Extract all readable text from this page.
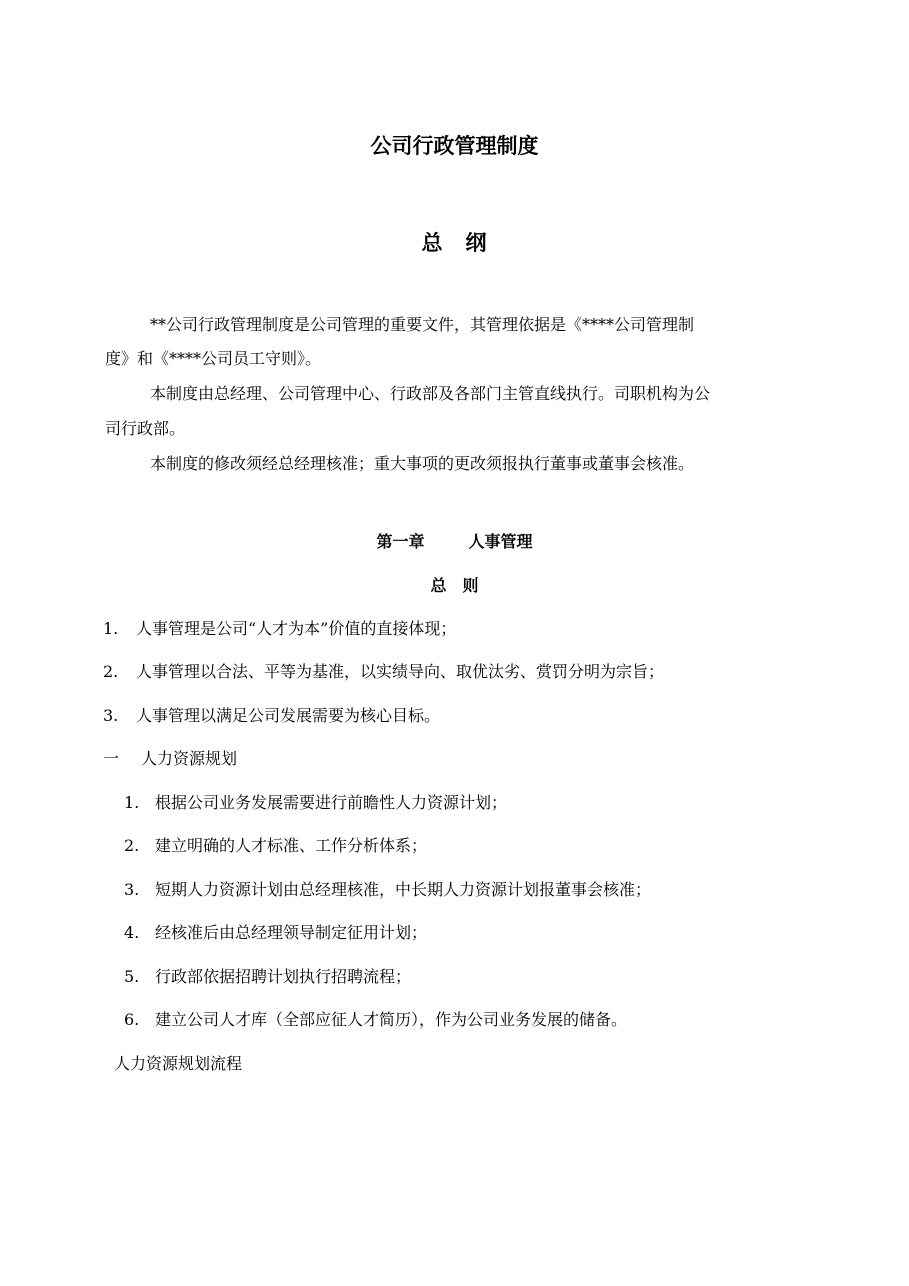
公司行政管理制度
总　纲
**公司行政管理制度是公司管理的重要文件，其管理依据是《****公司管理制
度》和《****公司员工守则》。
本制度由总经理、公司管理中心、行政部及各部门主管直线执行。司职机构为公
司行政部。
本制度的修改须经总经理核准；重大事项的更改须报执行董事或董事会核准。
第一章	人事管理
总　则
1. 人事管理是公司“人才为本”价值的直接体现；
2. 人事管理以合法、平等为基准，以实绩导向、取优汰劣、赏罚分明为宗旨；
3. 人事管理以满足公司发展需要为核心目标。
一 人力资源规划
1. 根据公司业务发展需要进行前瞻性人力资源计划；
2. 建立明确的人才标准、工作分析体系；
3. 短期人力资源计划由总经理核准，中长期人力资源计划报董事会核准；
4. 经核准后由总经理领导制定征用计划；
5. 行政部依据招聘计划执行招聘流程；
6. 建立公司人才库（全部应征人才简历），作为公司业务发展的储备。
人力资源规划流程
